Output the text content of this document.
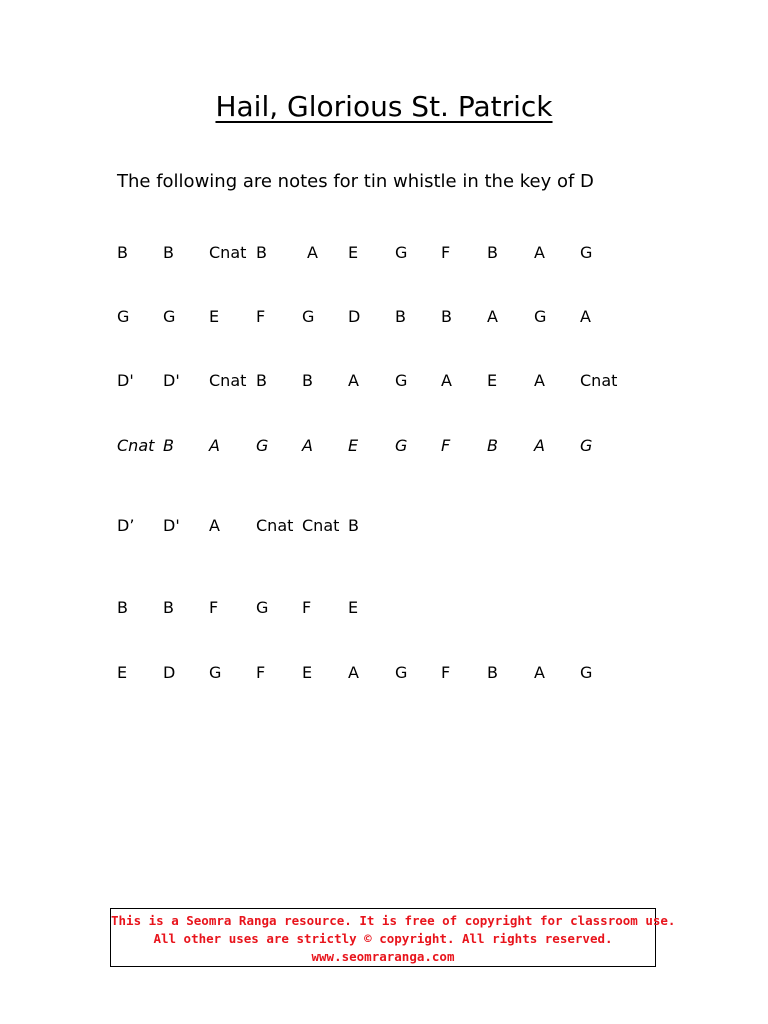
Hail, Glorious St. Patrick

The following are notes for tin whistle in the key of D

B B Cnat B	A E G F B A G
G G E F G D B B A G A
D' D' Cnat B B A G A E A Cnat
Cnat B A G A E G F B A G
D’ D' A Cnat Cnat B
B B F G F E
E D G F E A G F B A G
This is a Seomra Ranga resource. It is free of copyright for classroom use.
All other uses are strictly © copyright. All rights reserved.
www.seomraranga.com
